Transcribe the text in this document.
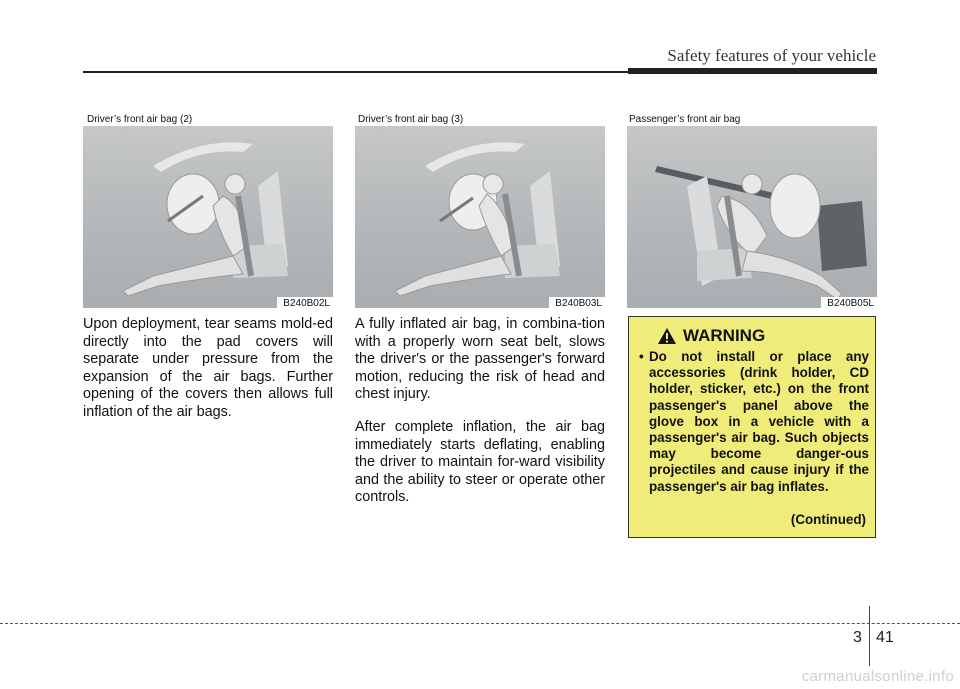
Safety features of your vehicle
Driver’s front air bag (2)
B240B02L
Driver’s front air bag (3)
B240B03L
Passenger’s front air bag
B240B05L

Upon deployment, tear seams mold-ed directly into the pad covers will separate under pressure from the expansion of the air bags. Further opening of the covers then allows full inflation of the air bags.

A fully inflated air bag, in combina-tion with a properly worn seat belt, slows the driver's or the passenger's forward motion, reducing the risk of head and chest injury.

After complete inflation, the air bag immediately starts deflating, enabling the driver to maintain for-ward visibility and the ability to steer or operate other controls.

WARNING
• Do not install or place any accessories (drink holder, CD holder, sticker, etc.) on the front passenger's panel above the glove box in a vehicle with a passenger's air bag. Such objects may become danger-ous projectiles and cause injury if the passenger's air bag inflates.
(Continued)
3 41
carmanualsonline.info
